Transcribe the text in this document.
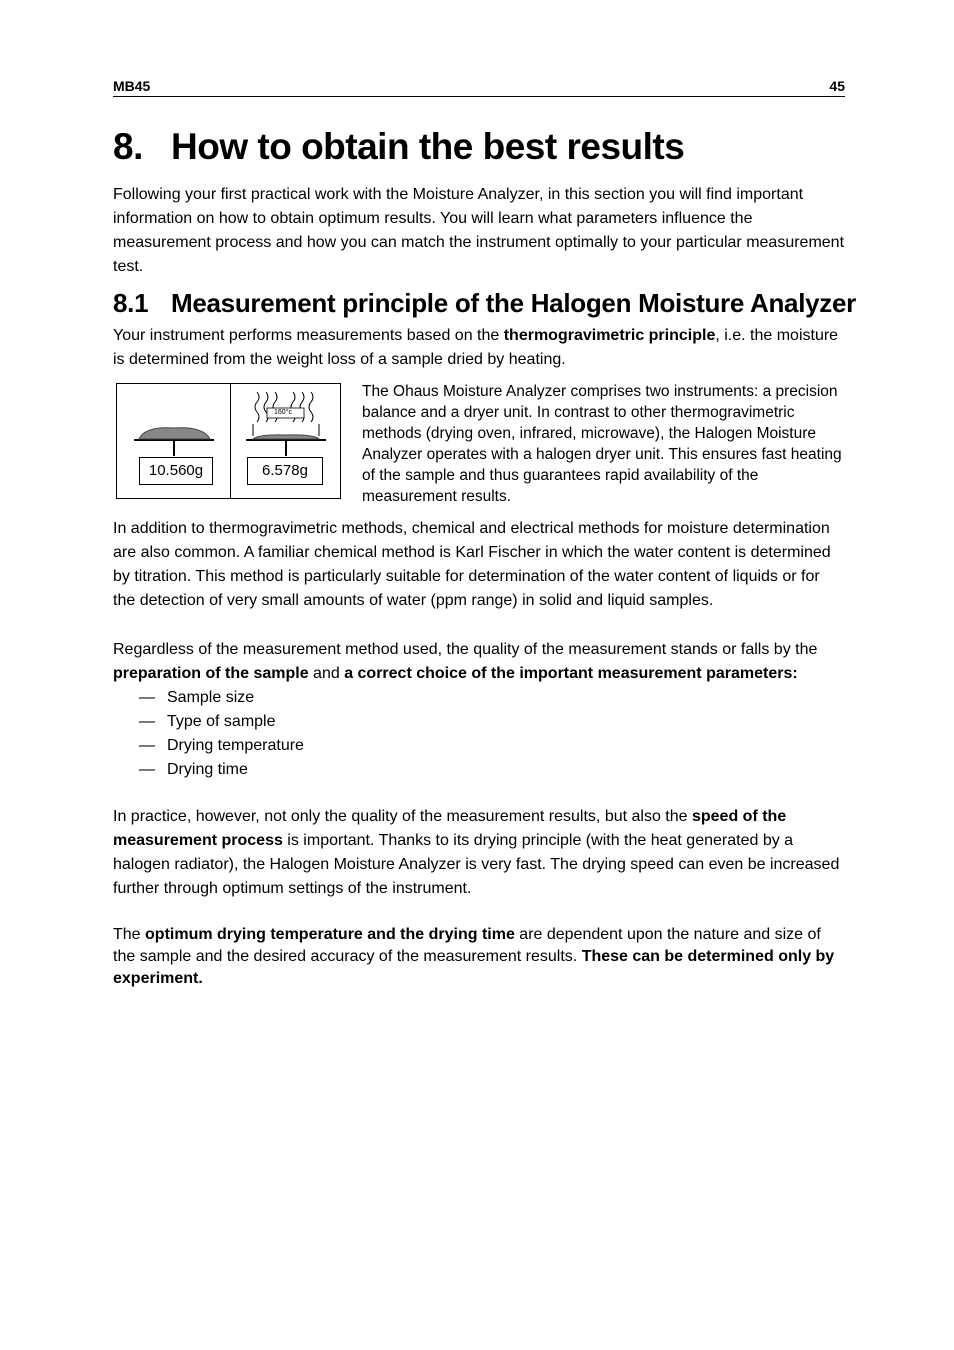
MB45	45
8. How to obtain the best results

Following your first practical work with the Moisture Analyzer, in this section you will find important information on how to obtain optimum results. You will learn what parameters influence the measurement process and how you can match the instrument optimally to your particular measurement test.

8.1 Measurement principle of the Halogen Moisture Analyzer

Your instrument performs measurements based on the thermogravimetric principle, i.e. the moisture is determined from the weight loss of a sample dried by heating.

160°c
10.560g	6.578g

The Ohaus Moisture Analyzer comprises two instruments: a precision balance and a dryer unit. In contrast to other thermogravimetric methods (drying oven, infrared, microwave), the Halogen Moisture Analyzer operates with a halogen dryer unit. This ensures fast heating of the sample and thus guarantees rapid availability of the measurement results.

In addition to thermogravimetric methods, chemical and electrical methods for moisture determination are also common. A familiar chemical method is Karl Fischer in which the water content is determined by titration. This method is particularly suitable for determination of the water content of liquids or for the detection of very small amounts of water (ppm range) in solid and liquid samples.

Regardless of the measurement method used, the quality of the measurement stands or falls by the preparation of the sample and a correct choice of the important measurement parameters:

— Sample size
— Type of sample
— Drying temperature
— Drying time

In practice, however, not only the quality of the measurement results, but also the speed of the measurement process is important. Thanks to its drying principle (with the heat generated by a halogen radiator), the Halogen Moisture Analyzer is very fast. The drying speed can even be increased further through optimum settings of the instrument.

The optimum drying temperature and the drying time are dependent upon the nature and size of the sample and the desired accuracy of the measurement results. These can be determined only by experiment.
